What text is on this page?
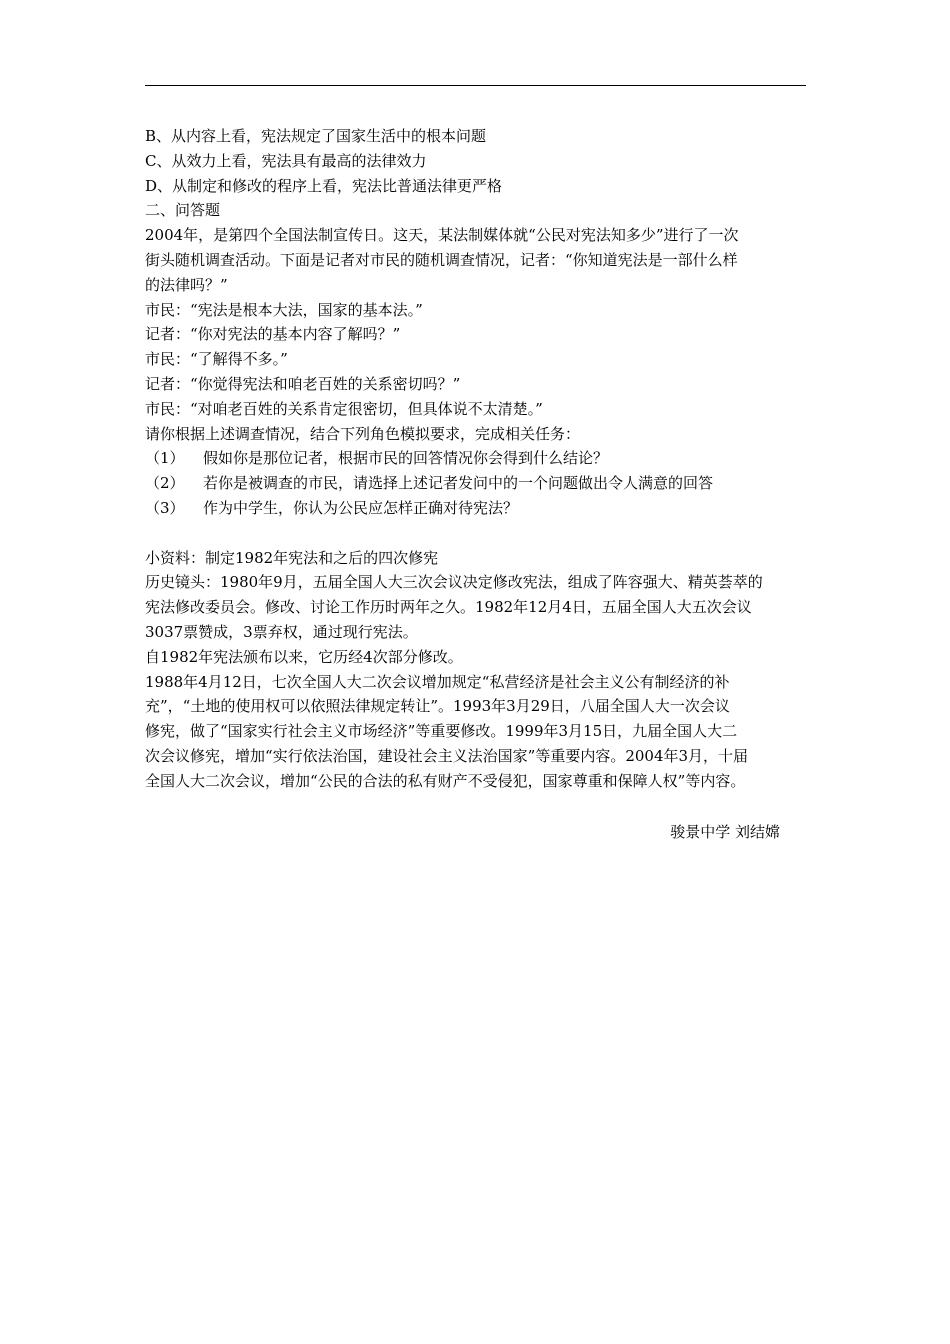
B、从内容上看，宪法规定了国家生活中的根本问题
C、从效力上看，宪法具有最高的法律效力
D、从制定和修改的程序上看，宪法比普通法律更严格
二、问答题
2004年，是第四个全国法制宣传日。这天，某法制媒体就“公民对宪法知多少”进行了一次
街头随机调查活动。下面是记者对市民的随机调查情况，记者：“你知道宪法是一部什么样
的法律吗？”
市民：“宪法是根本大法，国家的基本法。”
记者：“你对宪法的基本内容了解吗？”
市民：“了解得不多。”
记者：“你觉得宪法和咱老百姓的关系密切吗？”
市民：“对咱老百姓的关系肯定很密切，但具体说不太清楚。”
请你根据上述调查情况，结合下列角色模拟要求，完成相关任务：
（1）	假如你是那位记者，根据市民的回答情况你会得到什么结论？
（2）	若你是被调查的市民，请选择上述记者发问中的一个问题做出令人满意的回答
（3）	作为中学生，你认为公民应怎样正确对待宪法？
小资料：制定1982年宪法和之后的四次修宪
历史镜头：1980年9月，五届全国人大三次会议决定修改宪法，组成了阵容强大、精英荟萃的
宪法修改委员会。修改、讨论工作历时两年之久。1982年12月4日，五届全国人大五次会议
3037票赞成，3票弃权，通过现行宪法。
自1982年宪法颁布以来，它历经4次部分修改。
1988年4月12日，七次全国人大二次会议增加规定“私营经济是社会主义公有制经济的补
充”，“土地的使用权可以依照法律规定转让”。1993年3月29日，八届全国人大一次会议
修宪，做了“国家实行社会主义市场经济”等重要修改。1999年3月15日，九届全国人大二
次会议修宪，增加“实行依法治国，建设社会主义法治国家”等重要内容。2004年3月，十届
全国人大二次会议，增加“公民的合法的私有财产不受侵犯，国家尊重和保障人权”等内容。
骏景中学 刘结嫦
